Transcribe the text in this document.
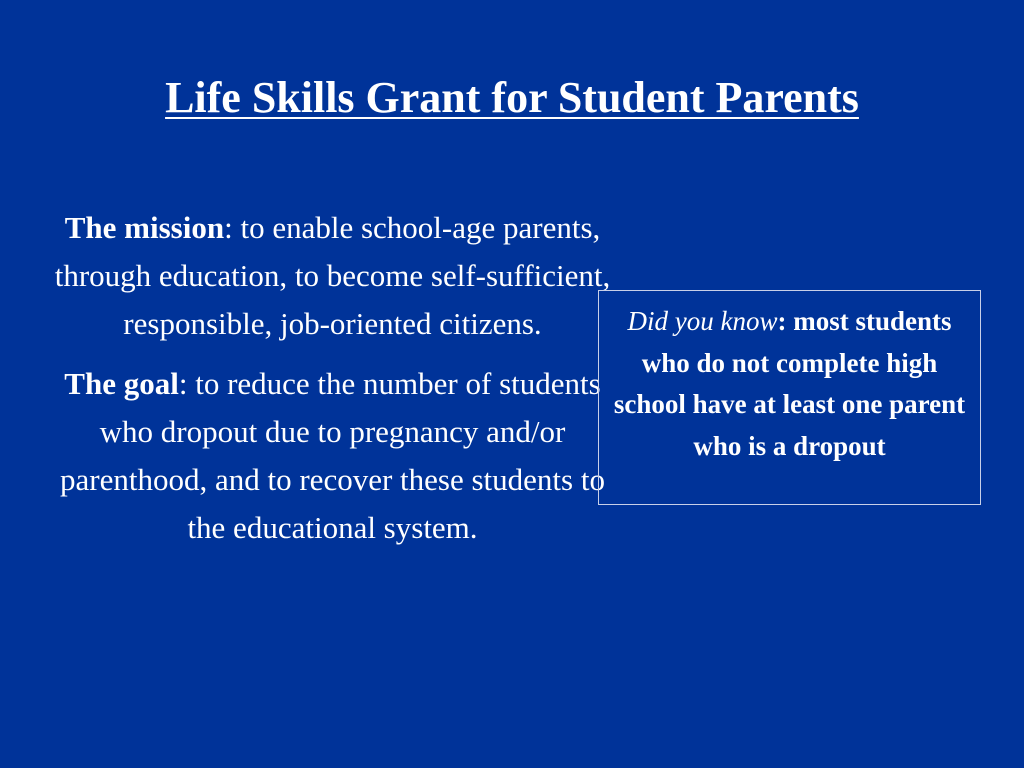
Life Skills Grant for Student Parents

The mission: to enable school-age parents, through education, to become self-sufficient, responsible, job-oriented citizens.

The goal: to reduce the number of students who dropout due to pregnancy and/or parenthood, and to recover these students to the educational system.

Did you know: most students who do not complete high school have at least one parent who is a dropout
